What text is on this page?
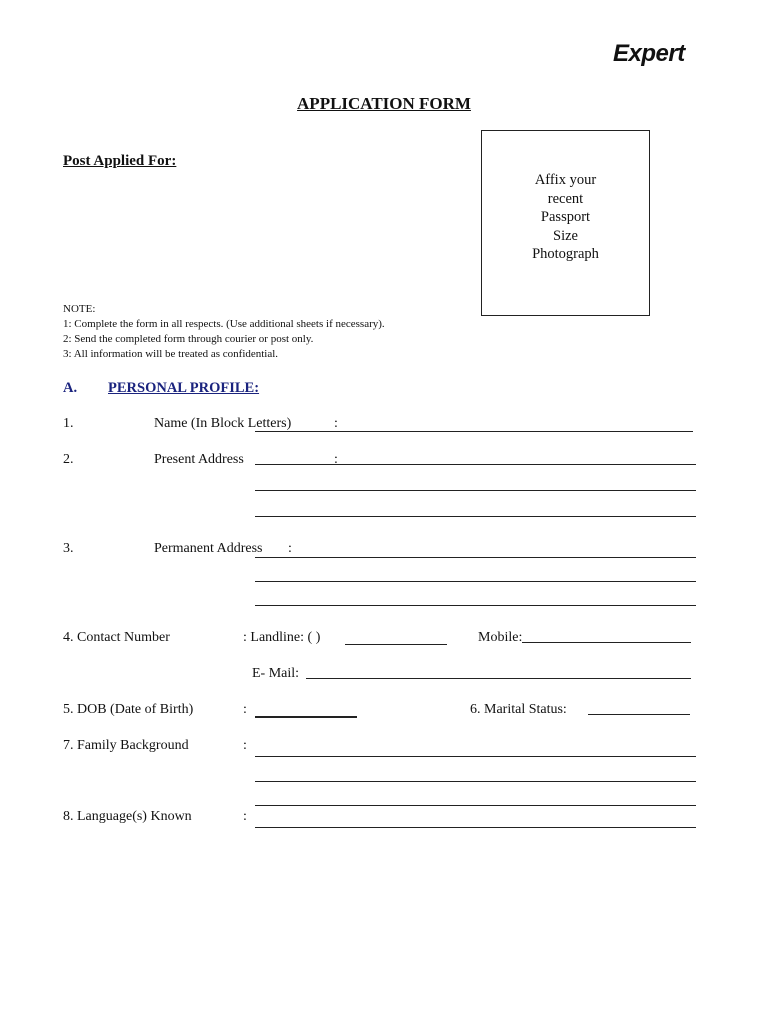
Expert
APPLICATION FORM
Post Applied For:
Affix your
recent
Passport
Size
Photograph
NOTE:
1: Complete the form in all respects. (Use additional sheets if necessary).
2: Send the completed form through courier or post only.
3: All information will be treated as confidential.
A. PERSONAL PROFILE:
1.	Name (In Block Letters)	:
2.	Present Address	:
3.	Permanent Address :
4. Contact Number	: Landline: ( )	Mobile:
E- Mail:
5. DOB (Date of Birth)	:	6. Marital Status:
7. Family Background	:
8. Language(s) Known	:
